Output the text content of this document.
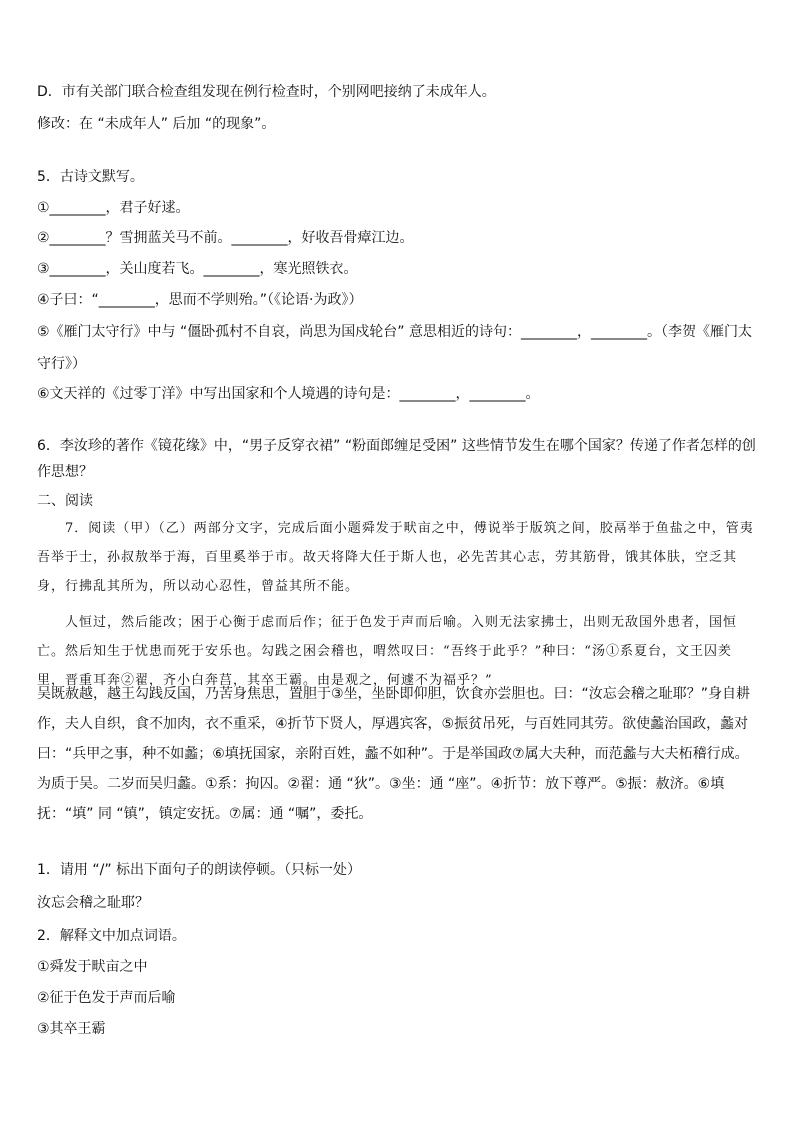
D．市有关部门联合检查组发现在例行检查时，个别网吧接纳了未成年人。
修改：在 “未成年人” 后加 “的现象”。
5．古诗文默写。
①________，君子好逑。
②________？雪拥蓝关马不前。________，好收吾骨瘴江边。
③________，关山度若飞。________，寒光照铁衣。
④子曰：“________，思而不学则殆。”（《论语·为政》）
⑤《雁门太守行》中与 “僵卧孤村不自哀，尚思为国戍轮台” 意思相近的诗句：________，________。（李贺《雁门太守行》）
⑥文天祥的《过零丁洋》中写出国家和个人境遇的诗句是：________，________。
6．李汝珍的著作《镜花缘》中，“男子反穿衣裙” “粉面郎缠足受困” 这些情节发生在哪个国家？传递了作者怎样的创作思想？
二、阅读
7．阅读（甲）（乙）两部分文字，完成后面小题舜发于畎亩之中，傅说举于版筑之间，胶鬲举于鱼盐之中，管夷吾举于士，孙叔敖举于海，百里奚举于市。故天将降大任于斯人也，必先苦其心志，劳其筋骨，饿其体肤，空乏其身，行拂乱其所为，所以动心忍性，曾益其所不能。
人恒过，然后能改；困于心衡于虑而后作；征于色发于声而后喻。入则无法家拂士，出则无敌国外患者，国恒亡。然后知生于忧患而死于安乐也。勾践之困会稽也，喟然叹曰：“吾终于此乎？”种曰：“汤①系夏台，文王囚羑里，晋重耳奔②翟，齐小白奔莒，其卒王霸。由是观之，何遽不为福乎？”
吴既赦越，越王勾践反国，乃苦身焦思，置胆于③坐，坐卧即仰胆，饮食亦尝胆也。曰：“汝忘会稽之耻耶？”身自耕作，夫人自织，食不加肉，衣不重采，④折节下贤人，厚遇宾客，⑤振贫吊死，与百姓同其劳。欲使蠡治国政，蠡对曰：“兵甲之事，种不如蠡；⑥填抚国家，亲附百姓，蠡不如种”。于是举国政⑦属大夫种，而范蠡与大夫柘稽行成。为质于吴。二岁而吴归蠡。①系：拘囚。②翟：通 “狄”。③坐：通 “座”。④折节：放下尊严。⑤振：赦济。⑥填抚：“填” 同 “镇”，镇定安抚。⑦属：通 “嘱”，委托。
1．请用 “/” 标出下面句子的朗读停顿。（只标一处）
汝忘会稽之耻耶？
2．解释文中加点词语。
①舜发于畎亩之中
②征于色发于声而后喻
③其卒王霸
